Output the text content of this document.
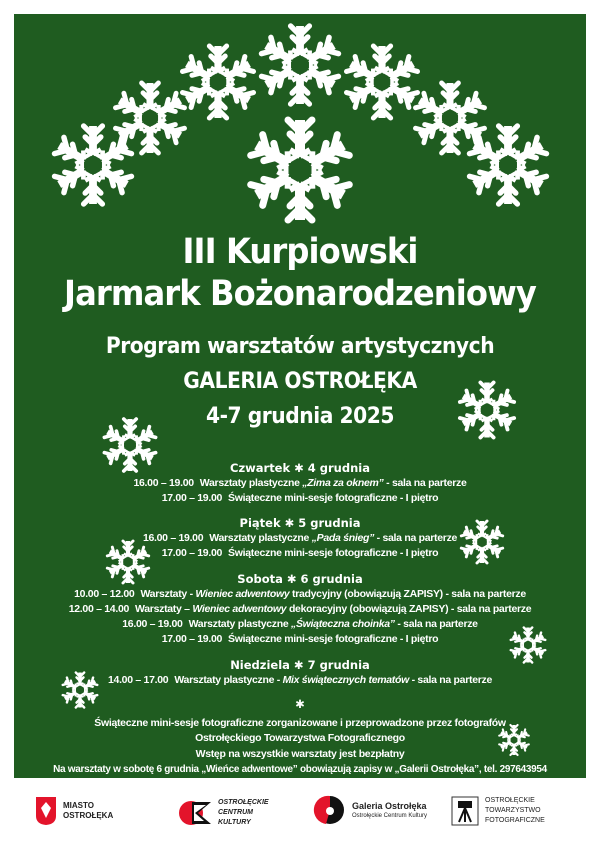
III Kurpiowski
Jarmark Bożonarodzeniowy
Program warsztatów artystycznych
GALERIA OSTROŁĘKA
4-7 grudnia 2025
Czwartek ✱ 4 grudnia
16.00 – 19.00 Warsztaty plastyczne „Zima za oknem” - sala na parterze
17.00 – 19.00 Świąteczne mini-sesje fotograficzne - I piętro
Piątek ✱ 5 grudnia
16.00 – 19.00 Warsztaty plastyczne „Pada śnieg” - sala na parterze
17.00 – 19.00 Świąteczne mini-sesje fotograficzne - I piętro
Sobota ✱ 6 grudnia
10.00 – 12.00 Warsztaty - Wieniec adwentowy tradycyjny (obowiązują ZAPISY) - sala na parterze
12.00 – 14.00 Warsztaty – Wieniec adwentowy dekoracyjny (obowiązują ZAPISY) - sala na parterze
16.00 – 19.00 Warsztaty plastyczne „Świąteczna choinka” - sala na parterze
17.00 – 19.00 Świąteczne mini-sesje fotograficzne - I piętro
Niedziela ✱ 7 grudnia
14.00 – 17.00 Warsztaty plastyczne - Mix świątecznych tematów - sala na parterze
✱
Świąteczne mini-sesje fotograficzne zorganizowane i przeprowadzone przez fotografów
Ostrołęckiego Towarzystwa Fotograficznego
Wstęp na wszystkie warsztaty jest bezpłatny
Na warsztaty w sobotę 6 grudnia „Wieńce adwentowe” obowiązują zapisy w „Galerii Ostrołęka”, tel. 297643954
MIASTO
OSTROŁĘKA
OSTROŁĘCKIE
CENTRUM
KULTURY
Galeria Ostrołęka
Ostrołęckie Centrum Kultury
OSTROŁĘCKIE
TOWARZYSTWO
FOTOGRAFICZNE
